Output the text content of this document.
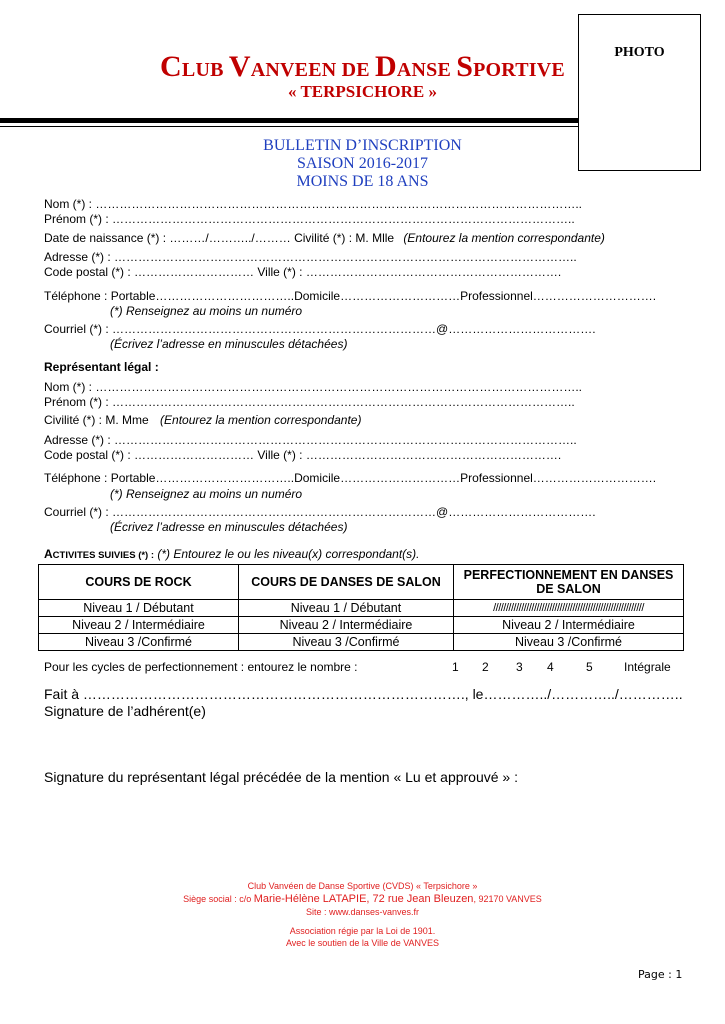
PHOTO
CLUB VANVEEN DE DANSE SPORTIVE
« TERPSICHORE »
BULLETIN D’INSCRIPTION
SAISON 2016-2017
MOINS DE 18 ANS
Nom (*) : …………………………………………………………………………………………………………..
Prénom (*) : ……………………………………………………………………………………………………..
Date de naissance (*) : ………/………../……… Civilité (*) : M. Mlle (Entourez la mention correspondante)
Adresse (*) : ……………………………………………………………………………………………………..
Code postal (*) : ………………………… Ville (*) : ……………………………………………………….
Téléphone : Portable……………………………..Domicile…………………………Professionnel………………………….
(*) Renseignez au moins un numéro
Courriel (*) : ………………………………………………………………………@……………………………….
(Écrivez l’adresse en minuscules détachées)
Représentant légal :
Nom (*) : …………………………………………………………………………………………………………..
Prénom (*) : ……………………………………………………………………………………………………..
Civilité (*) : M. Mme (Entourez la mention correspondante)
Adresse (*) : ……………………………………………………………………………………………………..
Code postal (*) : ………………………… Ville (*) : ……………………………………………………….
Téléphone : Portable……………………………..Domicile…………………………Professionnel………………………….
(*) Renseignez au moins un numéro
Courriel (*) : ………………………………………………………………………@……………………………….
(Écrivez l’adresse en minuscules détachées)
ACTIVITES SUIVIES (*) : (*) Entourez le ou les niveau(x) correspondant(s).
COURS DE ROCK	COURS DE DANSES DE SALON	PERFECTIONNEMENT EN DANSES DE SALON
Niveau 1 / Débutant	Niveau 1 / Débutant	///////////////////////////////////////////////////////////
Niveau 2 / Intermédiaire	Niveau 2 / Intermédiaire	Niveau 2 / Intermédiaire
Niveau 3 /Confirmé	Niveau 3 /Confirmé	Niveau 3 /Confirmé
Pour les cycles de perfectionnement : entourez le nombre :	1 2 3 4	5	Intégrale
Fait à ………………………………………………………………………., le…………../…………../…………..
Signature de l’adhérent(e)
Signature du représentant légal précédée de la mention « Lu et approuvé » :
Club Vanvéen de Danse Sportive (CVDS) « Terpsichore »
Siège social : c/o Marie-Hélène LATAPIE, 72 rue Jean Bleuzen, 92170 VANVES
Site : www.danses-vanves.fr
Association régie par la Loi de 1901.
Avec le soutien de la Ville de VANVES
Page : 1
